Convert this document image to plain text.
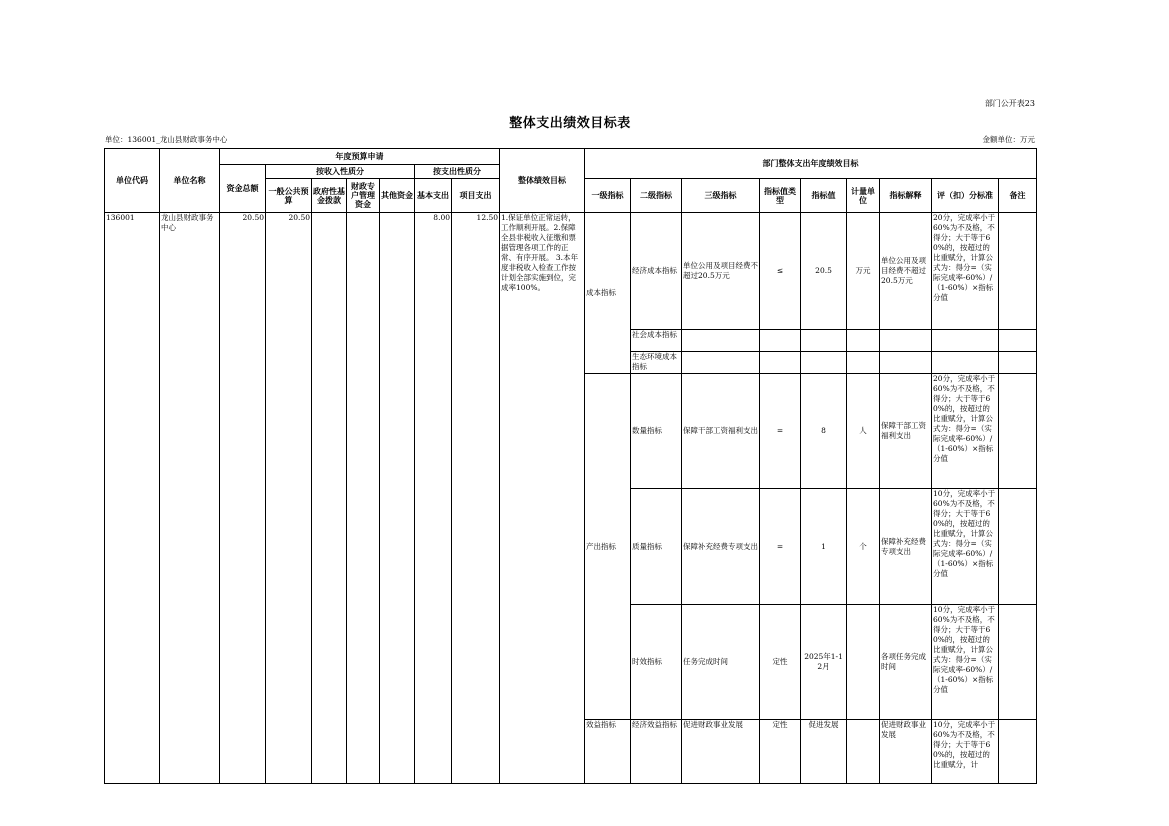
部门公开表23
整体支出绩效目标表
单位：136001_龙山县财政事务中心	金额单位：万元
单位代码	单位名称	年度预算申请							整体绩效目标	部门整体支出年度绩效目标								
		资金总额	按收入性质分				按支出性质分											
			一般公共预算	政府性基金拨款	财政专户管理资金	其他资金	基本支出	项目支出		一级指标	二级指标	三级指标	指标值类型	指标值	计量单位	指标解释	评（扣）分标准	备注

136001	龙山县财政事务中心	20.50	20.50				8.00	12.50	1.保证单位正常运转，工作顺利开展。2.保障全县非税收入征缴和票据管理各项工作的正常、有序开展。 3.本年度非税收入检查工作按计划全部实施到位，完成率100%。	成本指标	经济成本指标	单位公用及项目经费不超过20.5万元	≤	20.5	万元	单位公用及项目经费不超过20.5万元	20分，完成率小于60%为不及格，不得分；大于等于60%的，按超过的比重赋分，计算公式为：得分=（实际完成率-60%）/（1-60%）×指标分值	
											社会成本指标							
											生态环境成本指标							
										产出指标	数量指标	保障干部工资福利支出	=	8	人	保障干部工资福利支出	20分，完成率小于60%为不及格，不得分；大于等于60%的，按超过的比重赋分，计算公式为：得分=（实际完成率-60%）/（1-60%）×指标分值	
											质量指标	保障补充经费专项支出	=	1	个	保障补充经费专项支出	10分，完成率小于60%为不及格，不得分；大于等于60%的，按超过的比重赋分，计算公式为：得分=（实际完成率-60%）/（1-60%）×指标分值	
											时效指标	任务完成时间	定性	2025年1-12月		各项任务完成时间	10分，完成率小于60%为不及格，不得分；大于等于60%的，按超过的比重赋分，计算公式为：得分=（实际完成率-60%）/（1-60%）×指标分值	
										效益指标	经济效益指标	促进财政事业发展	定性	促进发展		促进财政事业发展	10分，完成率小于60%为不及格，不得分；大于等于60%的，按超过的比重赋分，计	
